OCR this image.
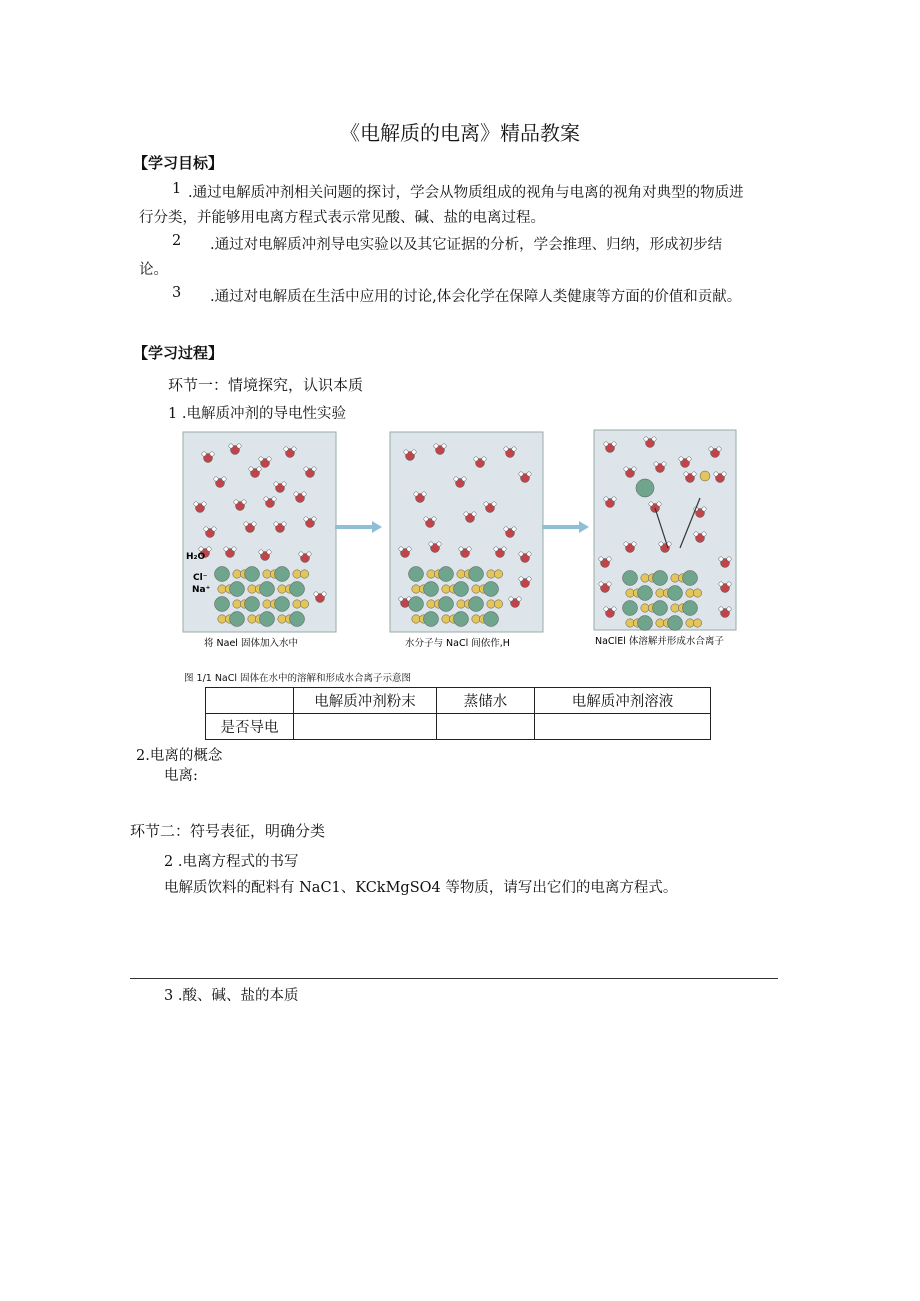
《电解质的电离》精品教案
【学习目标】
1 .通过电解质冲剂相关问题的探讨，学会从物质组成的视角与电离的视角对典型的物质进
行分类，并能够用电离方程式表示常见酸、碱、盐的电离过程。
2 .通过对电解质冲剂导电实验以及其它证据的分析，学会推理、归纳，形成初步结
论。
3 .通过对电解质在生活中应用的讨论,体会化学在保障人类健康等方面的价值和贡献。
【学习过程】
环节一：情境探究，认识本质
1 .电解质冲剂的导电性实验
H₂O
Cl⁻
Na⁺
将 Nael 固体加入水中	水分子与 NaCl 间依作,H	NaClEl 体溶解并形成水合离子
图 1/1 NaCl 固体在水中的溶解和形成水合离子示意图
	电解质冲剂粉末	蒸储水	电解质冲剂溶液
是否导电			
2.电离的概念
电离:
环节二：符号表征，明确分类
2 .电离方程式的书写
电解质饮料的配料有 NaC1、KCkMgSO4 等物质，请写出它们的电离方程式。
3 .酸、碱、盐的本质
